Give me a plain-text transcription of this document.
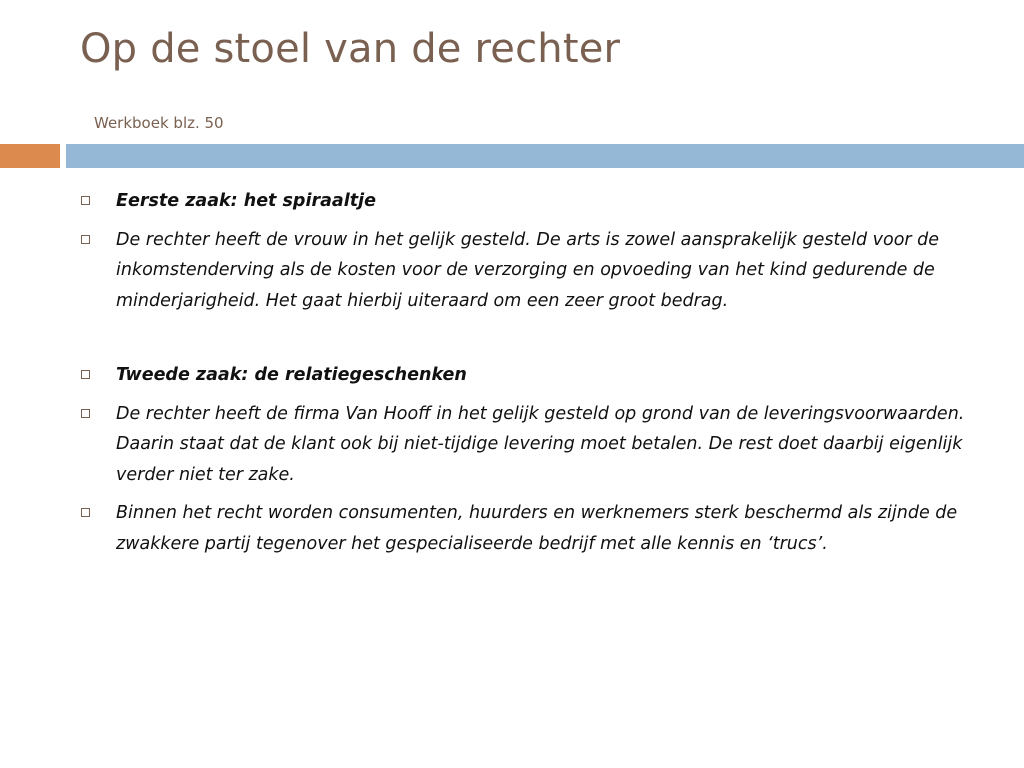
Op de stoel van de rechter
Werkboek blz. 50
Eerste zaak: het spiraaltje
De rechter heeft de vrouw in het gelijk gesteld. De arts is zowel aansprakelijk gesteld voor de inkomstenderving als de kosten voor de verzorging en opvoeding van het kind gedurende de minderjarigheid. Het gaat hierbij uiteraard om een zeer groot bedrag.
Tweede zaak: de relatiegeschenken
De rechter heeft de firma Van Hooff in het gelijk gesteld op grond van de leveringsvoorwaarden. Daarin staat dat de klant ook bij niet-tijdige levering moet betalen. De rest doet daarbij eigenlijk verder niet ter zake.
Binnen het recht worden consumenten, huurders en werknemers sterk beschermd als zijnde de zwakkere partij tegenover het gespecialiseerde bedrijf met alle kennis en ‘trucs’.
